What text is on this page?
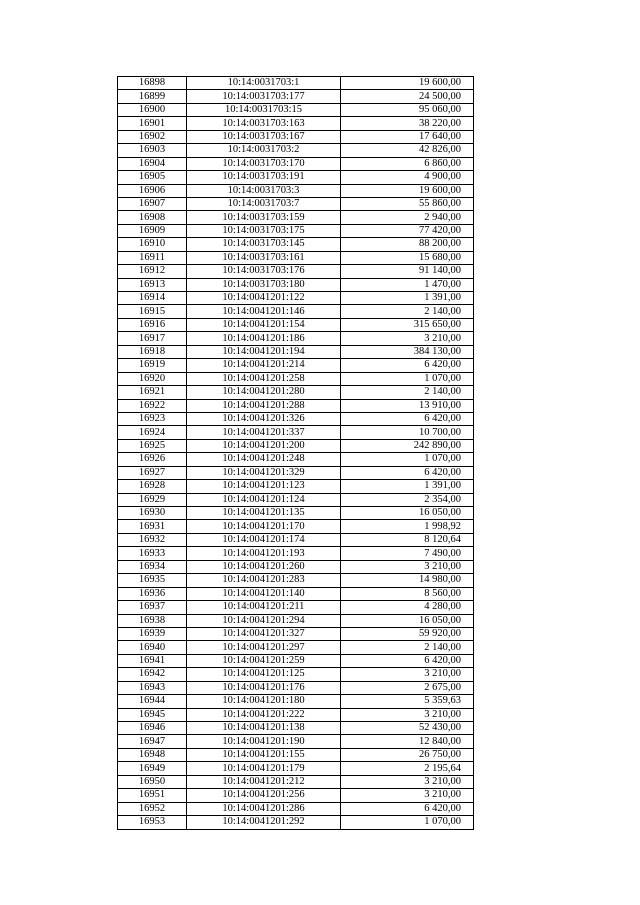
16898	10:14:0031703:1	19 600,00
16899	10:14:0031703:177	24 500,00
16900	10:14:0031703:15	95 060,00
16901	10:14:0031703:163	38 220,00
16902	10:14:0031703:167	17 640,00
16903	10:14:0031703:2	42 826,00
16904	10:14:0031703:170	6 860,00
16905	10:14:0031703:191	4 900,00
16906	10:14:0031703:3	19 600,00
16907	10:14:0031703:7	55 860,00
16908	10:14:0031703:159	2 940,00
16909	10:14:0031703:175	77 420,00
16910	10:14:0031703:145	88 200,00
16911	10:14:0031703:161	15 680,00
16912	10:14:0031703:176	91 140,00
16913	10:14:0031703:180	1 470,00
16914	10:14:0041201:122	1 391,00
16915	10:14:0041201:146	2 140,00
16916	10:14:0041201:154	315 650,00
16917	10:14:0041201:186	3 210,00
16918	10:14:0041201:194	384 130,00
16919	10:14:0041201:214	6 420,00
16920	10:14:0041201:258	1 070,00
16921	10:14:0041201:280	2 140,00
16922	10:14:0041201:288	13 910,00
16923	10:14:0041201:326	6 420,00
16924	10:14:0041201:337	10 700,00
16925	10:14:0041201:200	242 890,00
16926	10:14:0041201:248	1 070,00
16927	10:14:0041201:329	6 420,00
16928	10:14:0041201:123	1 391,00
16929	10:14:0041201:124	2 354,00
16930	10:14:0041201:135	16 050,00
16931	10:14:0041201:170	1 998,92
16932	10:14:0041201:174	8 120,64
16933	10:14:0041201:193	7 490,00
16934	10:14:0041201:260	3 210,00
16935	10:14:0041201:283	14 980,00
16936	10:14:0041201:140	8 560,00
16937	10:14:0041201:211	4 280,00
16938	10:14:0041201:294	16 050,00
16939	10:14:0041201:327	59 920,00
16940	10:14:0041201:297	2 140,00
16941	10:14:0041201:259	6 420,00
16942	10:14:0041201:125	3 210,00
16943	10:14:0041201:176	2 675,00
16944	10:14:0041201:180	5 359,63
16945	10:14:0041201:222	3 210,00
16946	10:14:0041201:138	52 430,00
16947	10:14:0041201:190	12 840,00
16948	10:14:0041201:155	26 750,00
16949	10:14:0041201:179	2 195,64
16950	10:14:0041201:212	3 210,00
16951	10:14:0041201:256	3 210,00
16952	10:14:0041201:286	6 420,00
16953	10:14:0041201:292	1 070,00
